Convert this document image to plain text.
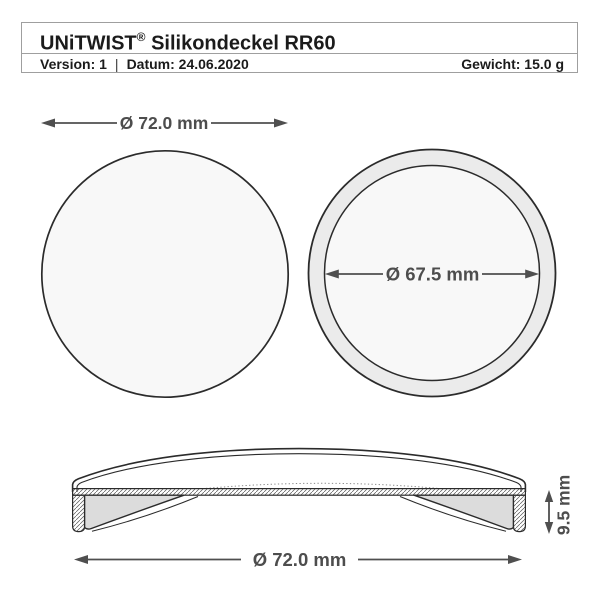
UNiTWIST® Silikondeckel RR60
Version: 1 | Datum: 24.06.2020	Gewicht: 15.0 g
Ø 72.0 mm
Ø 67.5 mm
9.5 mm
Ø 72.0 mm
